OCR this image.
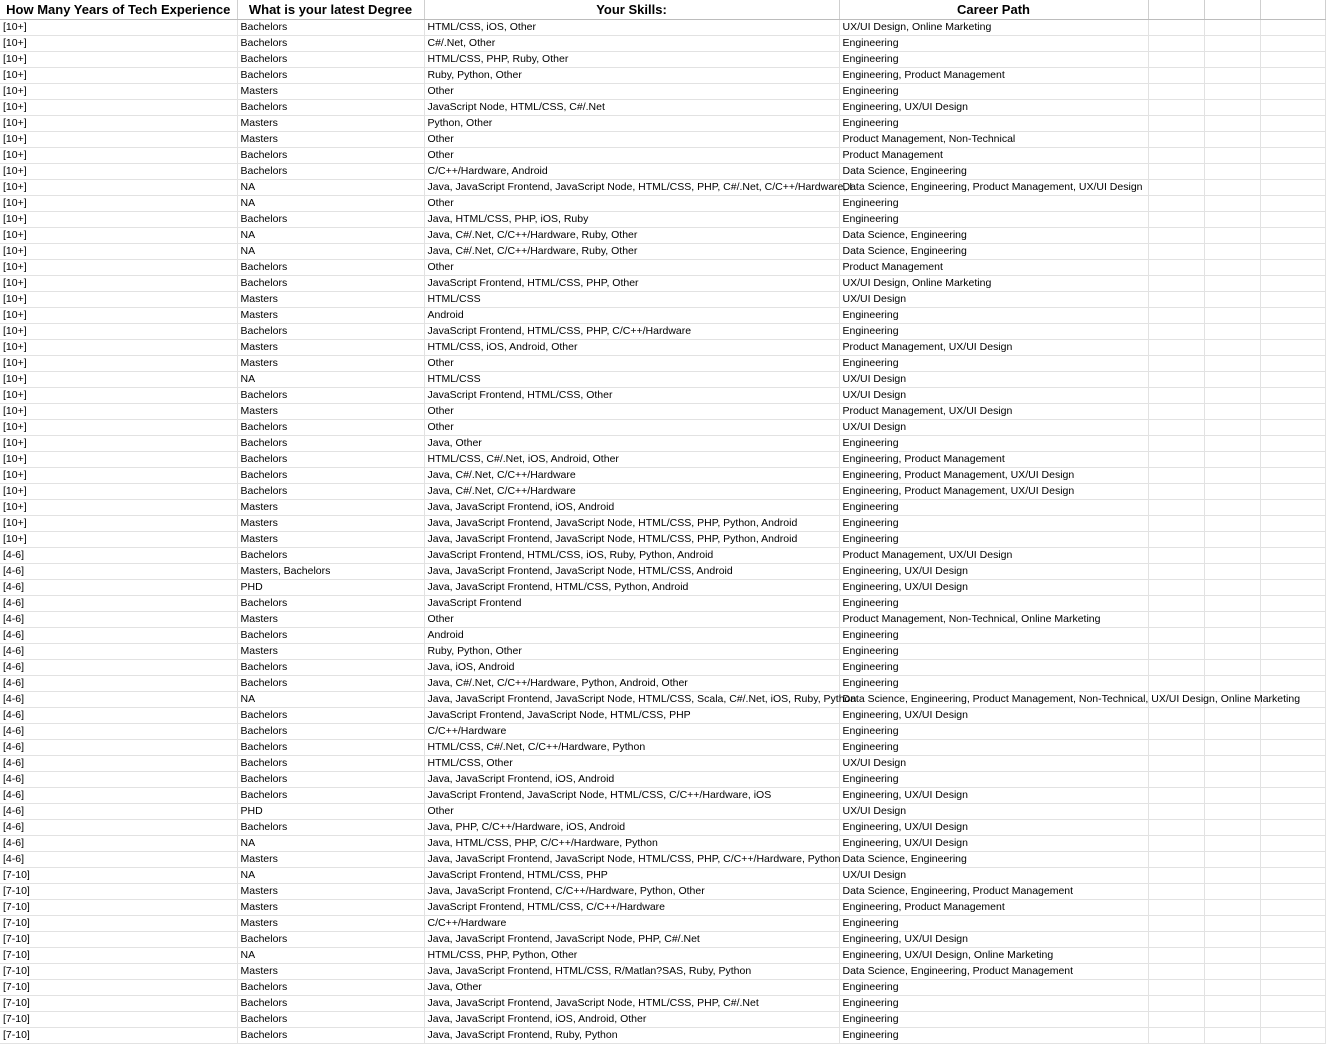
How Many Years of Tech Experience	What is your latest Degree	Your Skills:	Career Path			
[10+]	Bachelors	HTML/CSS, iOS, Other	UX/UI Design, Online Marketing			
[10+]	Bachelors	C#/.Net, Other	Engineering			
[10+]	Bachelors	HTML/CSS, PHP, Ruby, Other	Engineering			
[10+]	Bachelors	Ruby, Python, Other	Engineering, Product Management			
[10+]	Masters	Other	Engineering			
[10+]	Bachelors	JavaScript Node, HTML/CSS, C#/.Net	Engineering, UX/UI Design			
[10+]	Masters	Python, Other	Engineering			
[10+]	Masters	Other	Product Management, Non-Technical			
[10+]	Bachelors	Other	Product Management			
[10+]	Bachelors	C/C++/Hardware, Android	Data Science, Engineering			
[10+]	NA	Java, JavaScript Frontend, JavaScript Node, HTML/CSS, PHP, C#/.Net, C/C++/Hardware, I	Data Science, Engineering, Product Management, UX/UI Design			
[10+]	NA	Other	Engineering			
[10+]	Bachelors	Java, HTML/CSS, PHP, iOS, Ruby	Engineering			
[10+]	NA	Java, C#/.Net, C/C++/Hardware, Ruby, Other	Data Science, Engineering			
[10+]	NA	Java, C#/.Net, C/C++/Hardware, Ruby, Other	Data Science, Engineering			
[10+]	Bachelors	Other	Product Management			
[10+]	Bachelors	JavaScript Frontend, HTML/CSS, PHP, Other	UX/UI Design, Online Marketing			
[10+]	Masters	HTML/CSS	UX/UI Design			
[10+]	Masters	Android	Engineering			
[10+]	Bachelors	JavaScript Frontend, HTML/CSS, PHP, C/C++/Hardware	Engineering			
[10+]	Masters	HTML/CSS, iOS, Android, Other	Product Management, UX/UI Design			
[10+]	Masters	Other	Engineering			
[10+]	NA	HTML/CSS	UX/UI Design			
[10+]	Bachelors	JavaScript Frontend, HTML/CSS, Other	UX/UI Design			
[10+]	Masters	Other	Product Management, UX/UI Design			
[10+]	Bachelors	Other	UX/UI Design			
[10+]	Bachelors	Java, Other	Engineering			
[10+]	Bachelors	HTML/CSS, C#/.Net, iOS, Android, Other	Engineering, Product Management			
[10+]	Bachelors	Java, C#/.Net, C/C++/Hardware	Engineering, Product Management, UX/UI Design			
[10+]	Bachelors	Java, C#/.Net, C/C++/Hardware	Engineering, Product Management, UX/UI Design			
[10+]	Masters	Java, JavaScript Frontend, iOS, Android	Engineering			
[10+]	Masters	Java, JavaScript Frontend, JavaScript Node, HTML/CSS, PHP, Python, Android	Engineering			
[10+]	Masters	Java, JavaScript Frontend, JavaScript Node, HTML/CSS, PHP, Python, Android	Engineering			
[4-6]	Bachelors	JavaScript Frontend, HTML/CSS, iOS, Ruby, Python, Android	Product Management, UX/UI Design			
[4-6]	Masters, Bachelors	Java, JavaScript Frontend, JavaScript Node, HTML/CSS, Android	Engineering, UX/UI Design			
[4-6]	PHD	Java, JavaScript Frontend, HTML/CSS, Python, Android	Engineering, UX/UI Design			
[4-6]	Bachelors	JavaScript Frontend	Engineering			
[4-6]	Masters	Other	Product Management, Non-Technical, Online Marketing			
[4-6]	Bachelors	Android	Engineering			
[4-6]	Masters	Ruby, Python, Other	Engineering			
[4-6]	Bachelors	Java, iOS, Android	Engineering			
[4-6]	Bachelors	Java, C#/.Net, C/C++/Hardware, Python, Android, Other	Engineering			
[4-6]	NA	Java, JavaScript Frontend, JavaScript Node, HTML/CSS, Scala, C#/.Net, iOS, Ruby, Python	Data Science, Engineering, Product Management, Non-Technical, UX/UI Design, Online Marketing			
[4-6]	Bachelors	JavaScript Frontend, JavaScript Node, HTML/CSS, PHP	Engineering, UX/UI Design			
[4-6]	Bachelors	C/C++/Hardware	Engineering			
[4-6]	Bachelors	HTML/CSS, C#/.Net, C/C++/Hardware, Python	Engineering			
[4-6]	Bachelors	HTML/CSS, Other	UX/UI Design			
[4-6]	Bachelors	Java, JavaScript Frontend, iOS, Android	Engineering			
[4-6]	Bachelors	JavaScript Frontend, JavaScript Node, HTML/CSS, C/C++/Hardware, iOS	Engineering, UX/UI Design			
[4-6]	PHD	Other	UX/UI Design			
[4-6]	Bachelors	Java, PHP, C/C++/Hardware, iOS, Android	Engineering, UX/UI Design			
[4-6]	NA	Java, HTML/CSS, PHP, C/C++/Hardware, Python	Engineering, UX/UI Design			
[4-6]	Masters	Java, JavaScript Frontend, JavaScript Node, HTML/CSS, PHP, C/C++/Hardware, Python	Data Science, Engineering			
[7-10]	NA	JavaScript Frontend, HTML/CSS, PHP	UX/UI Design			
[7-10]	Masters	Java, JavaScript Frontend, C/C++/Hardware, Python, Other	Data Science, Engineering, Product Management			
[7-10]	Masters	JavaScript Frontend, HTML/CSS, C/C++/Hardware	Engineering, Product Management			
[7-10]	Masters	C/C++/Hardware	Engineering			
[7-10]	Bachelors	Java, JavaScript Frontend, JavaScript Node, PHP, C#/.Net	Engineering, UX/UI Design			
[7-10]	NA	HTML/CSS, PHP, Python, Other	Engineering, UX/UI Design, Online Marketing			
[7-10]	Masters	Java, JavaScript Frontend, HTML/CSS, R/Matlan?SAS, Ruby, Python	Data Science, Engineering, Product Management			
[7-10]	Bachelors	Java, Other	Engineering			
[7-10]	Bachelors	Java, JavaScript Frontend, JavaScript Node, HTML/CSS, PHP, C#/.Net	Engineering			
[7-10]	Bachelors	Java, JavaScript Frontend, iOS, Android, Other	Engineering			
[7-10]	Bachelors	Java, JavaScript Frontend, Ruby, Python	Engineering			
